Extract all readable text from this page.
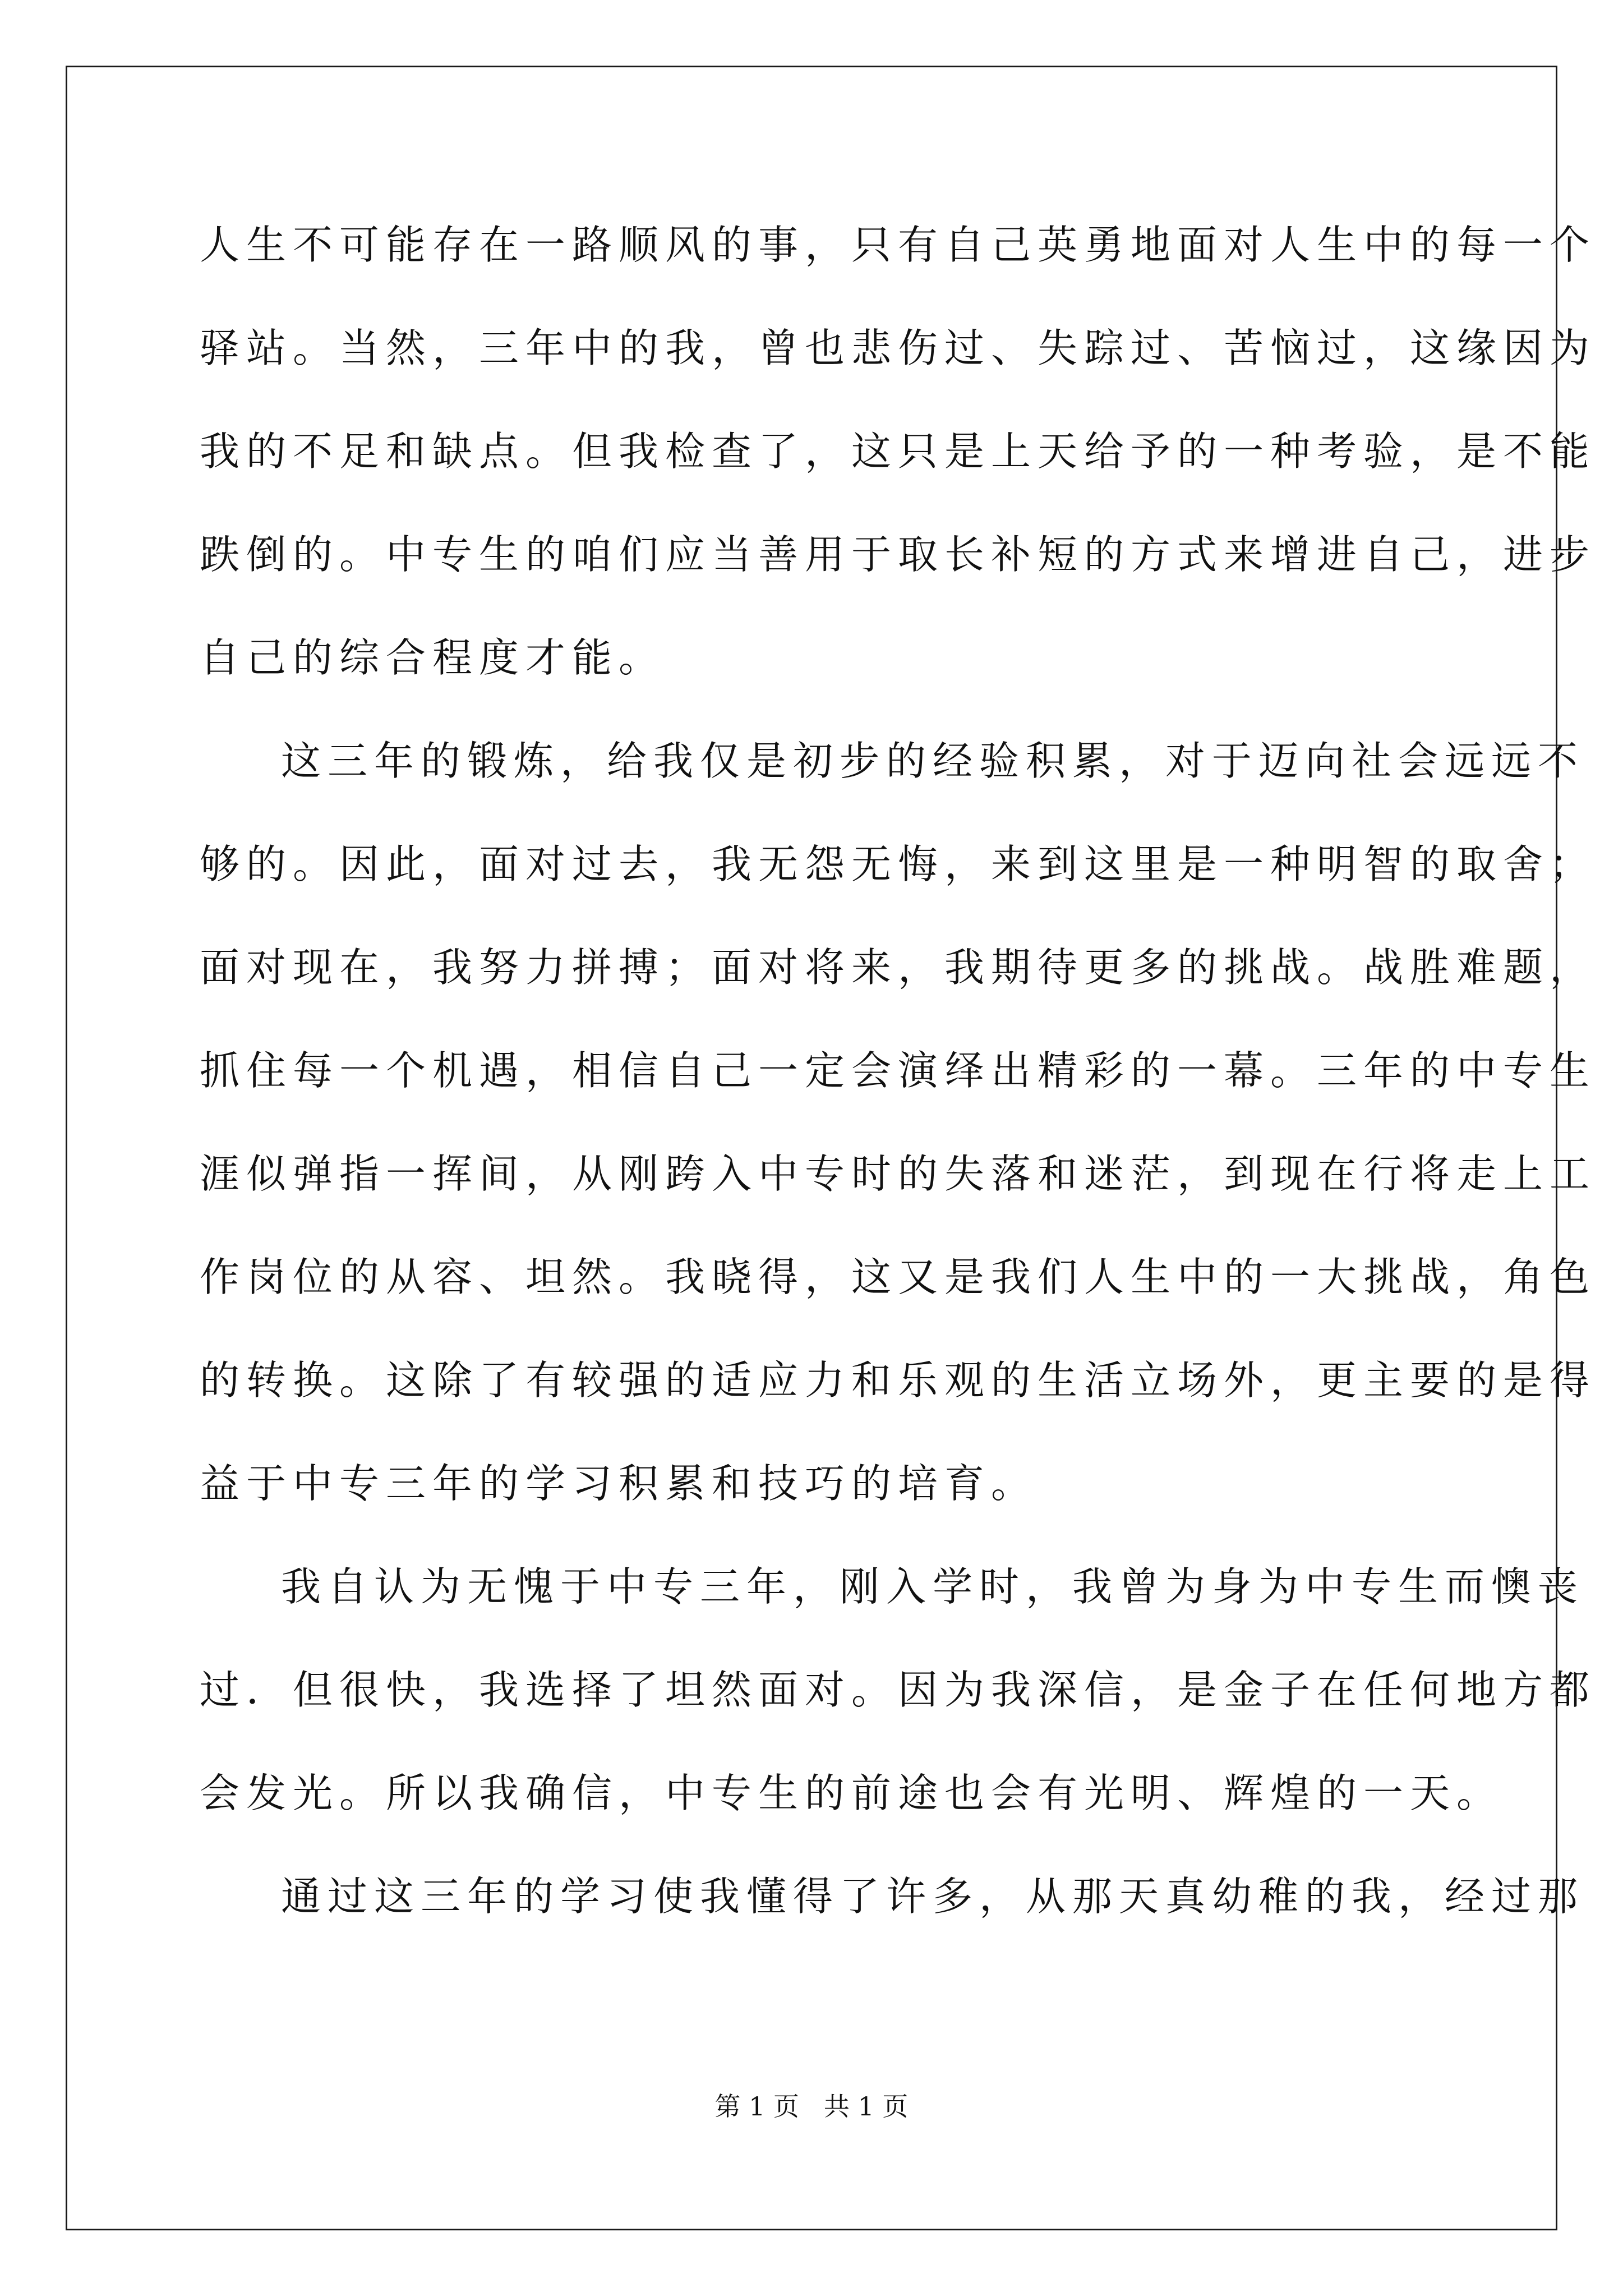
人生不可能存在一路顺风的事，只有自己英勇地面对人生中的每一个
驿站。当然，三年中的我，曾也悲伤过、失踪过、苦恼过，这缘因为
我的不足和缺点。但我检查了，这只是上天给予的一种考验，是不能
跌倒的。中专生的咱们应当善用于取长补短的方式来增进自己，进步
自己的综合程度才能。
这三年的锻炼，给我仅是初步的经验积累，对于迈向社会远远不
够的。因此，面对过去，我无怨无悔，来到这里是一种明智的取舍；
面对现在，我努力拼搏；面对将来，我期待更多的挑战。战胜难题，
抓住每一个机遇，相信自己一定会演绎出精彩的一幕。三年的中专生
涯似弹指一挥间，从刚跨入中专时的失落和迷茫，到现在行将走上工
作岗位的从容、坦然。我晓得，这又是我们人生中的一大挑战，角色
的转换。这除了有较强的适应力和乐观的生活立场外，更主要的是得
益于中专三年的学习积累和技巧的培育。
我自认为无愧于中专三年，刚入学时，我曾为身为中专生而懊丧
过．但很快，我选择了坦然面对。因为我深信，是金子在任何地方都
会发光。所以我确信，中专生的前途也会有光明、辉煌的一天。
通过这三年的学习使我懂得了许多，从那天真幼稚的我，经过那
第 1 页   共 1 页
